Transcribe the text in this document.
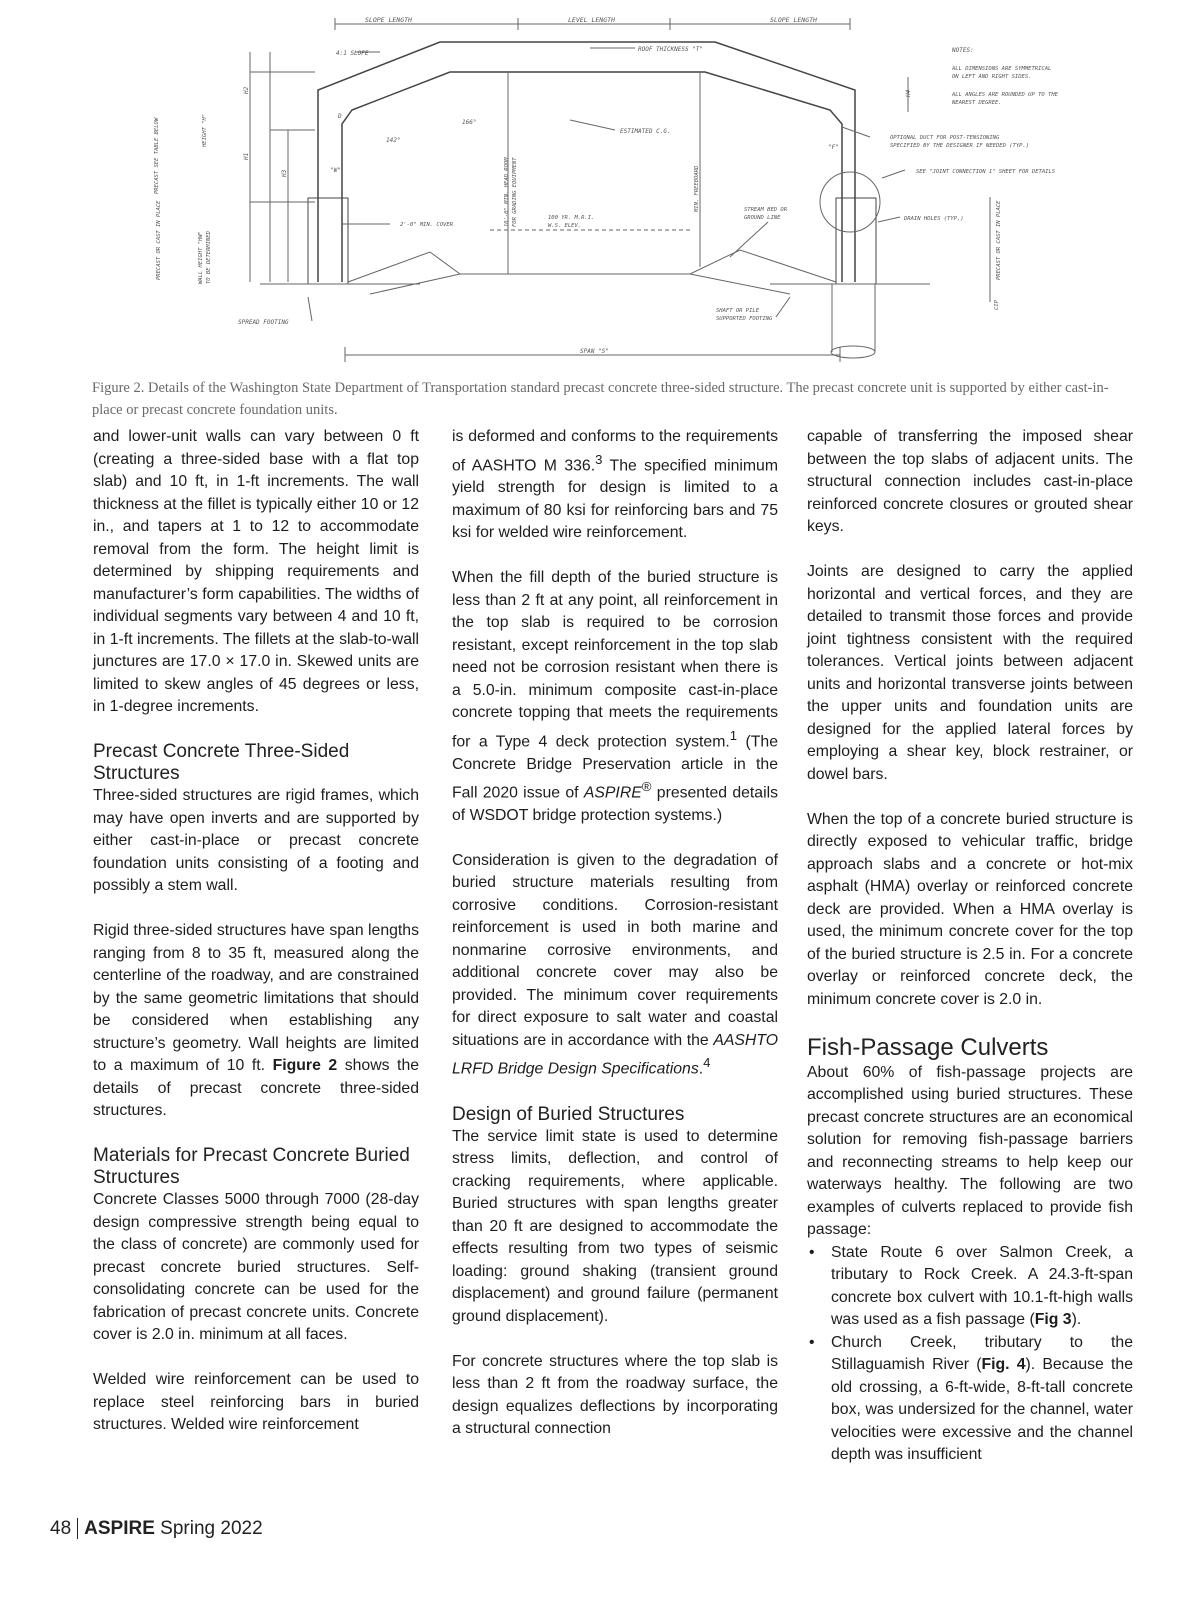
SLOPE LENGTH	LEVEL LENGTH	SLOPE LENGTH
4:1 SLOPE
ROOF THICKNESS "T"	NOTES:
ALL DIMENSIONS ARE SYMMETRICAL
ON LEFT AND RIGHT SIDES.
ALL ANGLES ARE ROUNDED UP TO THE
NEAREST DEGREE.
H2	H4
H1
H3
HEIGHT "H"
PRECAST SEE TABLE BELOW	166°
142°
ESTIMATED C.G.
OPTIONAL DUCT FOR POST-TENSIONING
SPECIFIED BY THE DESIGNER IF NEEDED (TYP.)
"F"
SEE "JOINT CONNECTION 1" SHEET FOR DETAILS
"W"	10'-0" MIN. HEAD ROOM FOR GRADING EQUIPMENT	MIN. FREEBOARD
2'-0" MIN. COVER
100 YR. M.R.I.
W.S. ELEV.
STREAM BED OR
GROUND LINE	DRAIN HOLES (TYP.)
PRECAST OR CAST IN PLACE	WALL HEIGHT "HW" TO BE DETERMINED	PRECAST OR CAST IN PLACE
CIP
SPREAD FOOTING
SHAFT OR PILE
SUPPORTED FOOTING
SPAN "S"
D
Figure 2. Details of the Washington State Department of Transportation standard precast concrete three-sided structure. The precast concrete unit is supported by either cast-in-place or precast concrete foundation units.

and lower-unit walls can vary between 0 ft (creating a three-sided base with a flat top slab) and 10 ft, in 1-ft increments. The wall thickness at the fillet is typically either 10 or 12 in., and tapers at 1 to 12 to accommodate removal from the form. The height limit is determined by shipping requirements and manufacturer’s form capabilities. The widths of individual segments vary between 4 and 10 ft, in 1-ft increments. The fillets at the slab-to-wall junctures are 17.0 × 17.0 in. Skewed units are limited to skew angles of 45 degrees or less, in 1-degree increments.

Precast Concrete Three-Sided Structures

Three-sided structures are rigid frames, which may have open inverts and are supported by either cast-in-place or precast concrete foundation units consisting of a footing and possibly a stem wall.

Rigid three-sided structures have span lengths ranging from 8 to 35 ft, measured along the centerline of the roadway, and are constrained by the same geometric limitations that should be considered when establishing any structure’s geometry. Wall heights are limited to a maximum of 10 ft. Figure 2 shows the details of precast concrete three-sided structures.

Materials for Precast Concrete Buried Structures

Concrete Classes 5000 through 7000 (28-day design compressive strength being equal to the class of concrete) are commonly used for precast concrete buried structures. Self-consolidating concrete can be used for the fabrication of precast concrete units. Concrete cover is 2.0 in. minimum at all faces.

Welded wire reinforcement can be used to replace steel reinforcing bars in buried structures. Welded wire reinforcement

is deformed and conforms to the requirements of AASHTO M 336.$^3$ The specified minimum yield strength for design is limited to a maximum of 80 ksi for reinforcing bars and 75 ksi for welded wire reinforcement.

When the fill depth of the buried structure is less than 2 ft at any point, all reinforcement in the top slab is required to be corrosion resistant, except reinforcement in the top slab need not be corrosion resistant when there is a 5.0-in. minimum composite cast-in-place concrete topping that meets the requirements for a Type 4 deck protection system.$^1$ (The Concrete Bridge Preservation article in the Fall 2020 issue of ASPIRE® presented details of WSDOT bridge protection systems.)

Consideration is given to the degradation of buried structure materials resulting from corrosive conditions. Corrosion-resistant reinforcement is used in both marine and nonmarine corrosive environments, and additional concrete cover may also be provided. The minimum cover requirements for direct exposure to salt water and coastal situations are in accordance with the AASHTO LRFD Bridge Design Specifications.$^4$

Design of Buried Structures

The service limit state is used to determine stress limits, deflection, and control of cracking requirements, where applicable. Buried structures with span lengths greater than 20 ft are designed to accommodate the effects resulting from two types of seismic loading: ground shaking (transient ground displacement) and ground failure (permanent ground displacement).

For concrete structures where the top slab is less than 2 ft from the roadway surface, the design equalizes deflections by incorporating a structural connection

capable of transferring the imposed shear between the top slabs of adjacent units. The structural connection includes cast-in-place reinforced concrete closures or grouted shear keys.

Joints are designed to carry the applied horizontal and vertical forces, and they are detailed to transmit those forces and provide joint tightness consistent with the required tolerances. Vertical joints between adjacent units and horizontal transverse joints between the upper units and foundation units are designed for the applied lateral forces by employing a shear key, block restrainer, or dowel bars.

When the top of a concrete buried structure is directly exposed to vehicular traffic, bridge approach slabs and a concrete or hot-mix asphalt (HMA) overlay or reinforced concrete deck are provided. When a HMA overlay is used, the minimum concrete cover for the top of the buried structure is 2.5 in. For a concrete overlay or reinforced concrete deck, the minimum concrete cover is 2.0 in.

Fish-Passage Culverts

About 60% of fish-passage projects are accomplished using buried structures. These precast concrete structures are an economical solution for removing fish-passage barriers and reconnecting streams to help keep our waterways healthy. The following are two examples of culverts replaced to provide fish passage:

• State Route 6 over Salmon Creek, a tributary to Rock Creek. A 24.3-ft-span concrete box culvert with 10.1-ft-high walls was used as a fish passage (Fig 3).
• Church Creek, tributary to the Stillaguamish River (Fig. 4). Because the old crossing, a 6-ft-wide, 8-ft-tall concrete box, was undersized for the channel, water velocities were excessive and the channel depth was insufficient
48 ASPIRE Spring 2022
